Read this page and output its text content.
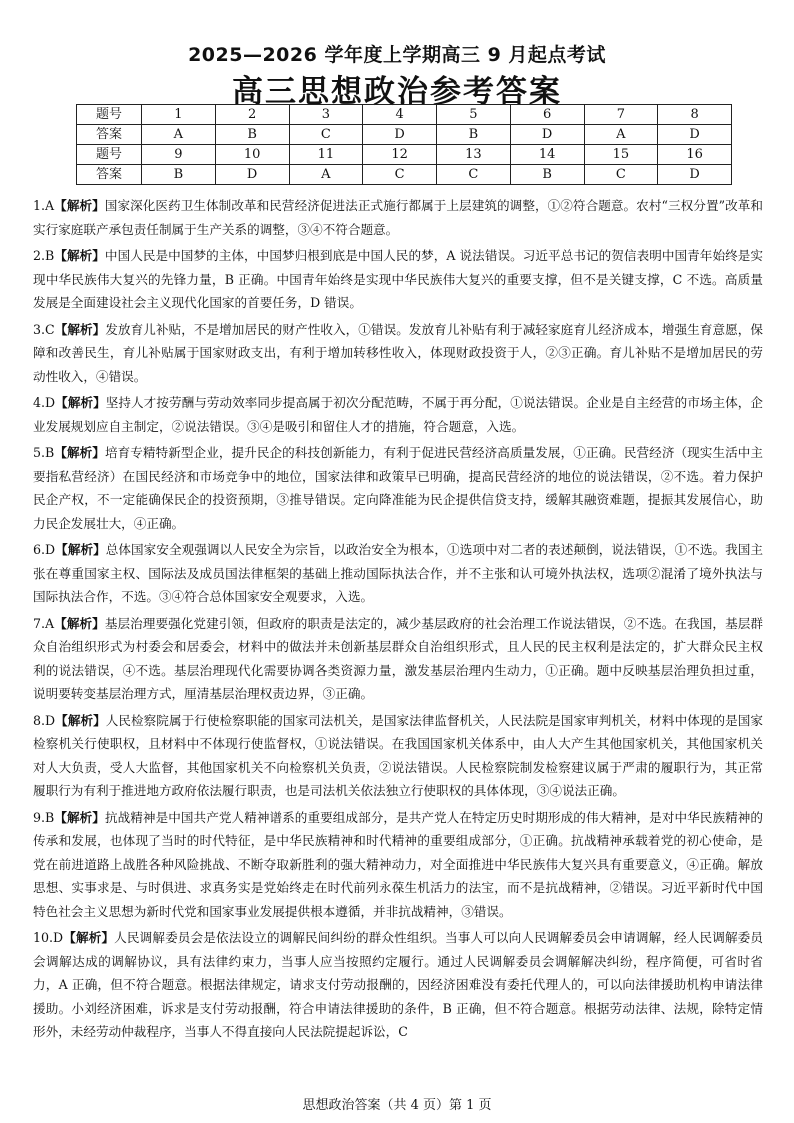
2025—2026 学年度上学期高三 9 月起点考试
高三思想政治参考答案
题号	1	2	3	4	5	6	7	8
答案	A	B	C	D	B	D	A	D
题号	9	10	11	12	13	14	15	16
答案	B	D	A	C	C	B	C	D

1.A【解析】国家深化医药卫生体制改革和民营经济促进法正式施行都属于上层建筑的调整，①②符合题意。农村“三权分置”改革和实行家庭联产承包责任制属于生产关系的调整，③④不符合题意。

2.B【解析】中国人民是中国梦的主体，中国梦归根到底是中国人民的梦，A 说法错误。习近平总书记的贺信表明中国青年始终是实现中华民族伟大复兴的先锋力量，B 正确。中国青年始终是实现中华民族伟大复兴的重要支撑，但不是关键支撑，C 不选。高质量发展是全面建设社会主义现代化国家的首要任务，D 错误。

3.C【解析】发放育儿补贴，不是增加居民的财产性收入，①错误。发放育儿补贴有利于减轻家庭育儿经济成本，增强生育意愿，保障和改善民生，育儿补贴属于国家财政支出，有利于增加转移性收入，体现财政投资于人，②③正确。育儿补贴不是增加居民的劳动性收入，④错误。

4.D【解析】坚持人才按劳酬与劳动效率同步提高属于初次分配范畴，不属于再分配，①说法错误。企业是自主经营的市场主体，企业发展规划应自主制定，②说法错误。③④是吸引和留住人才的措施，符合题意，入选。

5.B【解析】培育专精特新型企业，提升民企的科技创新能力，有利于促进民营经济高质量发展，①正确。民营经济（现实生活中主要指私营经济）在国民经济和市场竞争中的地位，国家法律和政策早已明确，提高民营经济的地位的说法错误，②不选。着力保护民企产权，不一定能确保民企的投资预期，③推导错误。定向降准能为民企提供信贷支持，缓解其融资难题，提振其发展信心，助力民企发展壮大，④正确。

6.D【解析】总体国家安全观强调以人民安全为宗旨，以政治安全为根本，①选项中对二者的表述颠倒，说法错误，①不选。我国主张在尊重国家主权、国际法及成员国法律框架的基础上推动国际执法合作，并不主张和认可境外执法权，选项②混淆了境外执法与国际执法合作，不选。③④符合总体国家安全观要求，入选。

7.A【解析】基层治理要强化党建引领，但政府的职责是法定的，减少基层政府的社会治理工作说法错误，②不选。在我国，基层群众自治组织形式为村委会和居委会，材料中的做法并未创新基层群众自治组织形式，且人民的民主权利是法定的，扩大群众民主权利的说法错误，④不选。基层治理现代化需要协调各类资源力量，激发基层治理内生动力，①正确。题中反映基层治理负担过重，说明要转变基层治理方式，厘清基层治理权责边界，③正确。

8.D【解析】人民检察院属于行使检察职能的国家司法机关，是国家法律监督机关，人民法院是国家审判机关，材料中体现的是国家检察机关行使职权，且材料中不体现行使监督权，①说法错误。在我国国家机关体系中，由人大产生其他国家机关，其他国家机关对人大负责，受人大监督，其他国家机关不向检察机关负责，②说法错误。人民检察院制发检察建议属于严肃的履职行为，其正常履职行为有利于推进地方政府依法履行职责，也是司法机关依法独立行使职权的具体体现，③④说法正确。

9.B【解析】抗战精神是中国共产党人精神谱系的重要组成部分，是共产党人在特定历史时期形成的伟大精神，是对中华民族精神的传承和发展，也体现了当时的时代特征，是中华民族精神和时代精神的重要组成部分，①正确。抗战精神承载着党的初心使命，是党在前进道路上战胜各种风险挑战、不断夺取新胜利的强大精神动力，对全面推进中华民族伟大复兴具有重要意义，④正确。解放思想、实事求是、与时俱进、求真务实是党始终走在时代前列永葆生机活力的法宝，而不是抗战精神，②错误。习近平新时代中国特色社会主义思想为新时代党和国家事业发展提供根本遵循，并非抗战精神，③错误。

10.D【解析】人民调解委员会是依法设立的调解民间纠纷的群众性组织。当事人可以向人民调解委员会申请调解，经人民调解委员会调解达成的调解协议，具有法律约束力，当事人应当按照约定履行。通过人民调解委员会调解解决纠纷，程序简便，可省时省力，A 正确，但不符合题意。根据法律规定，请求支付劳动报酬的，因经济困难没有委托代理人的，可以向法律援助机构申请法律援助。小刘经济困难，诉求是支付劳动报酬，符合申请法律援助的条件，B 正确，但不符合题意。根据劳动法律、法规，除特定情形外，未经劳动仲裁程序，当事人不得直接向人民法院提起诉讼，C

思想政治答案（共 4 页）第 1 页
